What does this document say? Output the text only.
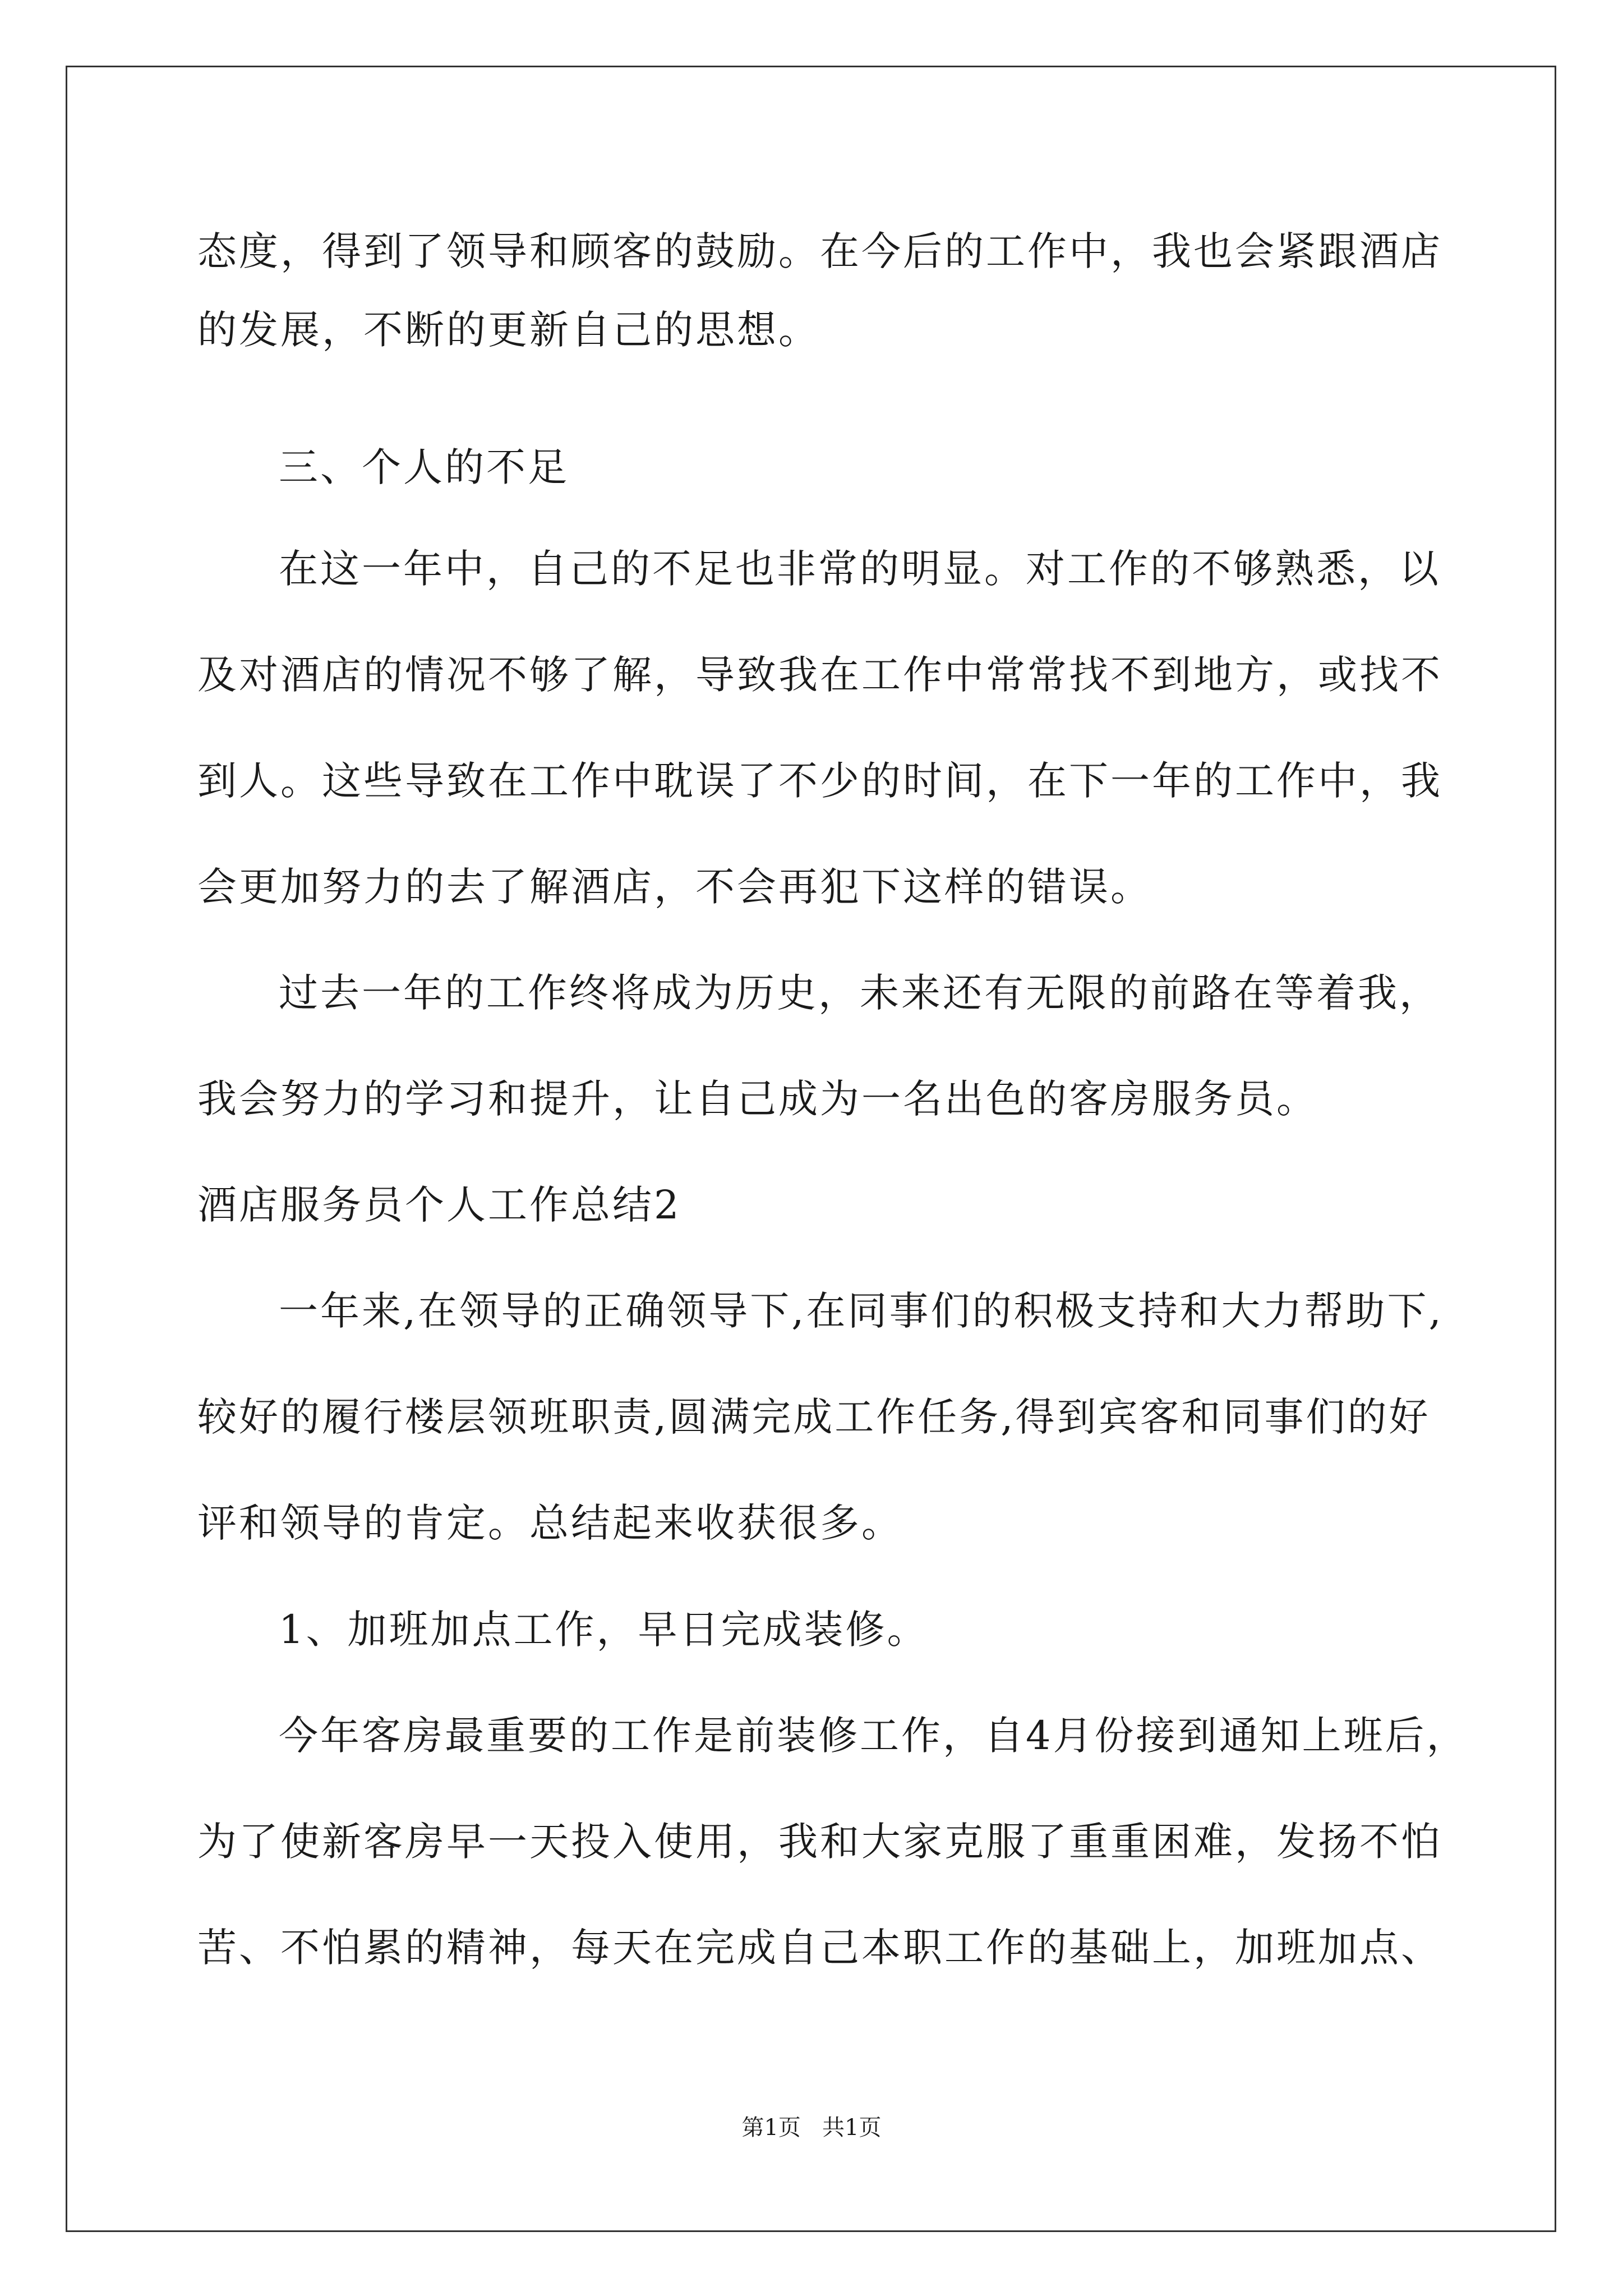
态度，得到了领导和顾客的鼓励。在今后的工作中，我也会紧跟酒店
的发展，不断的更新自己的思想。
三、个人的不足
在这一年中，自己的不足也非常的明显。对工作的不够熟悉，以
及对酒店的情况不够了解，导致我在工作中常常找不到地方，或找不
到人。这些导致在工作中耽误了不少的时间，在下一年的工作中，我
会更加努力的去了解酒店，不会再犯下这样的错误。
过去一年的工作终将成为历史，未来还有无限的前路在等着我，
我会努力的学习和提升，让自己成为一名出色的客房服务员。
酒店服务员个人工作总结2
一年来,在领导的正确领导下,在同事们的积极支持和大力帮助下,
较好的履行楼层领班职责,圆满完成工作任务,得到宾客和同事们的好
评和领导的肯定。总结起来收获很多。
1、加班加点工作，早日完成装修。
今年客房最重要的工作是前装修工作，自4月份接到通知上班后，
为了使新客房早一天投入使用，我和大家克服了重重困难，发扬不怕
苦、不怕累的精神，每天在完成自己本职工作的基础上，加班加点、
第1页   共1页
